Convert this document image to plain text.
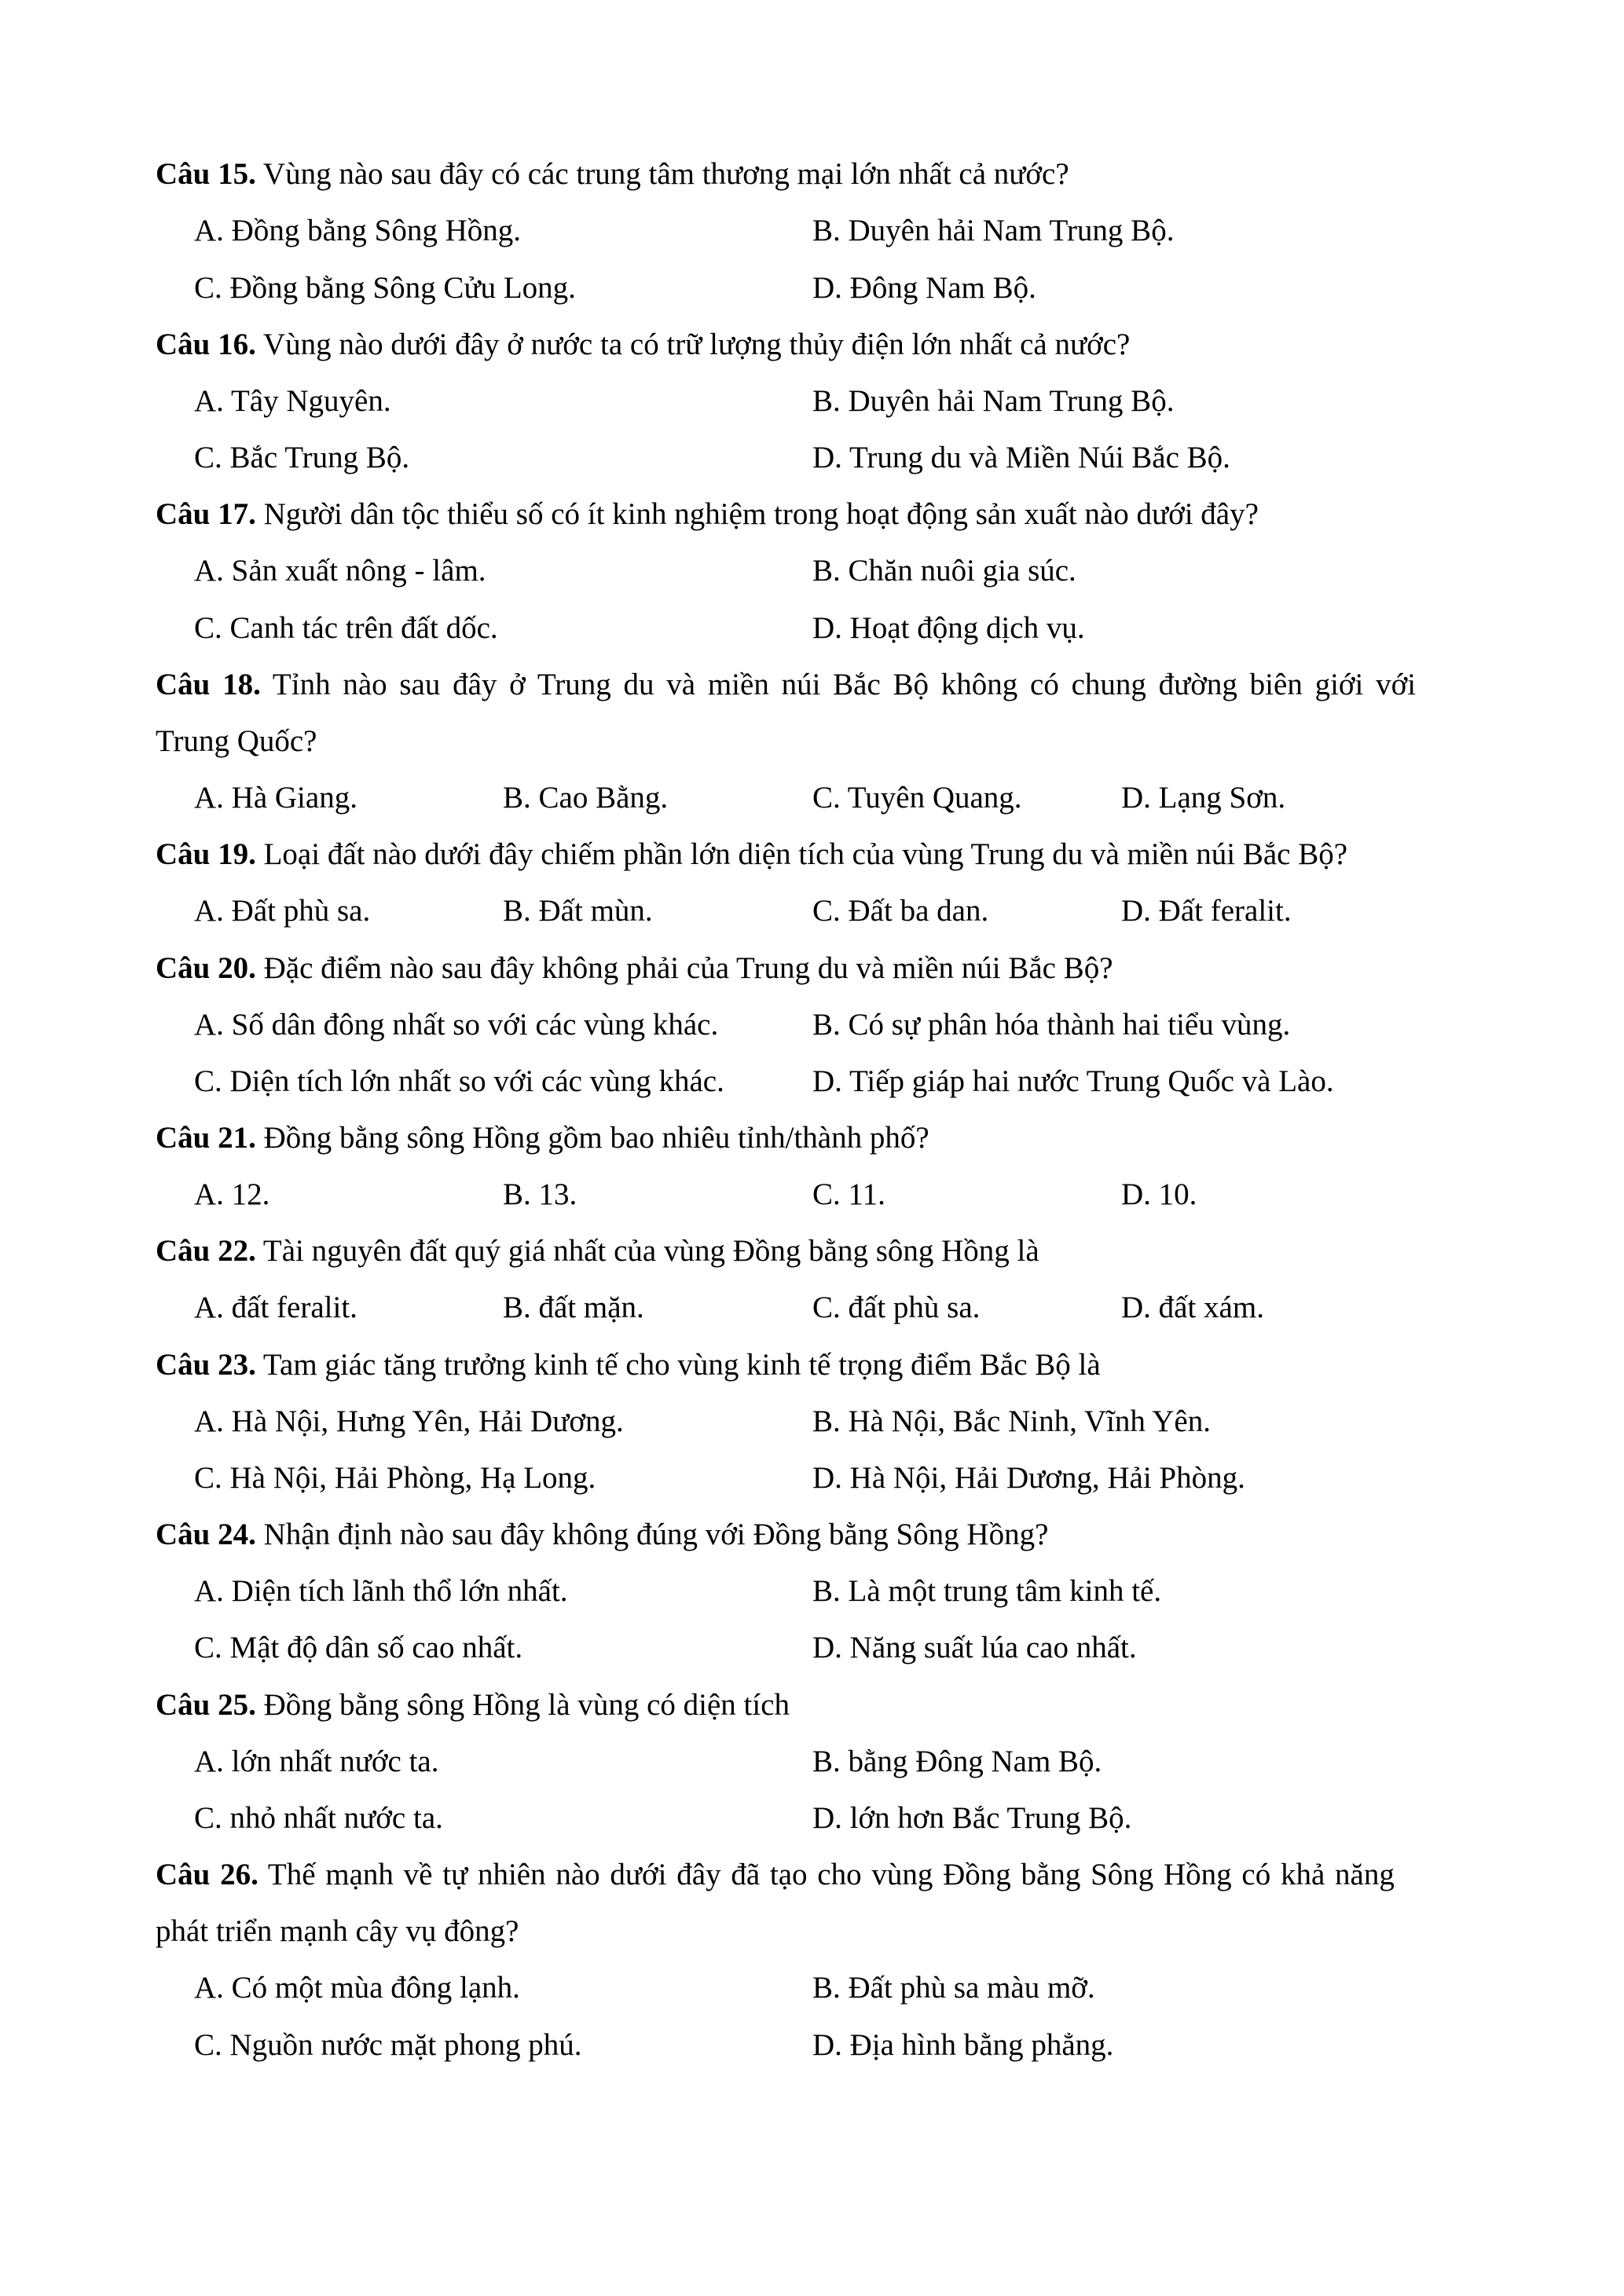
Câu 15. Vùng nào sau đây có các trung tâm thương mại lớn nhất cả nước?
A. Đồng bằng Sông Hồng.	B. Duyên hải Nam Trung Bộ.
C. Đồng bằng Sông Cửu Long.	D. Đông Nam Bộ.
Câu 16. Vùng nào dưới đây ở nước ta có trữ lượng thủy điện lớn nhất cả nước?
A. Tây Nguyên.	B. Duyên hải Nam Trung Bộ.
C. Bắc Trung Bộ.	D. Trung du và Miền Núi Bắc Bộ.
Câu 17. Người dân tộc thiểu số có ít kinh nghiệm trong hoạt động sản xuất nào dưới đây?
A. Sản xuất nông - lâm.	B. Chăn nuôi gia súc.
C. Canh tác trên đất dốc.	D. Hoạt động dịch vụ.
Câu 18. Tỉnh nào sau đây ở Trung du và miền núi Bắc Bộ không có chung đường biên giới với
Trung Quốc?
A. Hà Giang.	B. Cao Bằng.	C. Tuyên Quang.	D. Lạng Sơn.
Câu 19. Loại đất nào dưới đây chiếm phần lớn diện tích của vùng Trung du và miền núi Bắc Bộ?
A. Đất phù sa.	B. Đất mùn.	C. Đất ba dan.	D. Đất feralit.
Câu 20. Đặc điểm nào sau đây không phải của Trung du và miền núi Bắc Bộ?
A. Số dân đông nhất so với các vùng khác.	B. Có sự phân hóa thành hai tiểu vùng.
C. Diện tích lớn nhất so với các vùng khác.	D. Tiếp giáp hai nước Trung Quốc và Lào.
Câu 21. Đồng bằng sông Hồng gồm bao nhiêu tỉnh/thành phố?
A. 12.	B. 13.	C. 11.	D. 10.
Câu 22. Tài nguyên đất quý giá nhất của vùng Đồng bằng sông Hồng là
A. đất feralit.	B. đất mặn.	C. đất phù sa.	D. đất xám.
Câu 23. Tam giác tăng trưởng kinh tế cho vùng kinh tế trọng điểm Bắc Bộ là
A. Hà Nội, Hưng Yên, Hải Dương.	B. Hà Nội, Bắc Ninh, Vĩnh Yên.
C. Hà Nội, Hải Phòng, Hạ Long.	D. Hà Nội, Hải Dương, Hải Phòng.
Câu 24. Nhận định nào sau đây không đúng với Đồng bằng Sông Hồng?
A. Diện tích lãnh thổ lớn nhất.	B. Là một trung tâm kinh tế.
C. Mật độ dân số cao nhất.	D. Năng suất lúa cao nhất.
Câu 25. Đồng bằng sông Hồng là vùng có diện tích
A. lớn nhất nước ta.	B. bằng Đông Nam Bộ.
C. nhỏ nhất nước ta.	D. lớn hơn Bắc Trung Bộ.
Câu 26. Thế mạnh về tự nhiên nào dưới đây đã tạo cho vùng Đồng bằng Sông Hồng có khả năng
phát triển mạnh cây vụ đông?
A. Có một mùa đông lạnh.	B. Đất phù sa màu mỡ.
C. Nguồn nước mặt phong phú.	D. Địa hình bằng phẳng.
